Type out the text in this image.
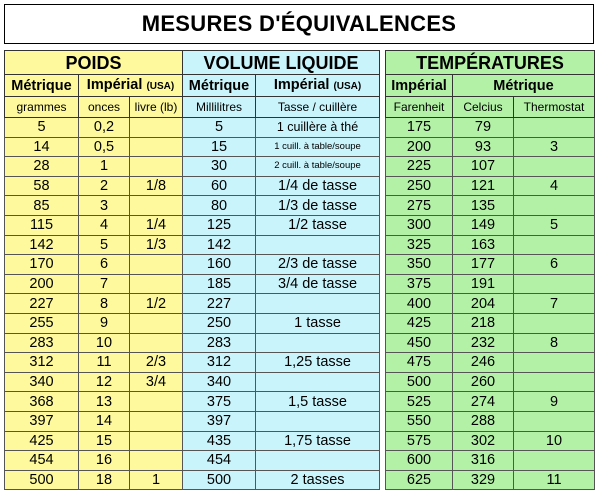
MESURES D'ÉQUIVALENCES
POIDS			VOLUME LIQUIDE	
Métrique	Impérial (USA)		Métrique	Impérial (USA)
grammes	onces	livre (lb)	Millilitres	Tasse / cuillère
5	0,2		5	1 cuillère à thé
14	0,5		15	1 cuill. à table/soupe
28	1		30	2 cuill. à table/soupe
58	2	1/8	60	1/4 de tasse
85	3		80	1/3 de tasse
115	4	1/4	125	1/2 tasse
142	5	1/3	142	
170	6		160	2/3 de tasse
200	7		185	3/4 de tasse
227	8	1/2	227	
255	9		250	1 tasse
283	10		283	
312	11	2/3	312	1,25 tasse
340	12	3/4	340	
368	13		375	1,5 tasse
397	14		397	
425	15		435	1,75 tasse
454	16		454	
500	18	1	500	2 tasses
TEMPÉRATURES		
Impérial	Métrique	
Farenheit	Celcius	Thermostat
175	79	
200	93	3
225	107	
250	121	4
275	135	
300	149	5
325	163	
350	177	6
375	191	
400	204	7
425	218	
450	232	8
475	246	
500	260	
525	274	9
550	288	
575	302	10
600	316	
625	329	11
